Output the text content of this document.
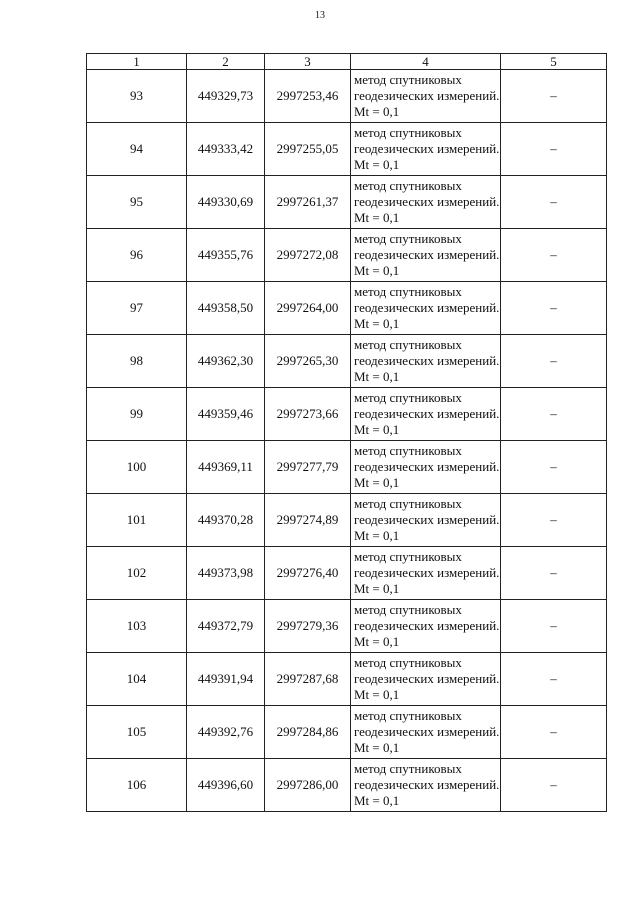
13
1	2	3	4	5
93	449329,73	2997253,46	метод спутниковых геодезических измерений. Mt = 0,1	–
94	449333,42	2997255,05	метод спутниковых геодезических измерений. Mt = 0,1	–
95	449330,69	2997261,37	метод спутниковых геодезических измерений. Mt = 0,1	–
96	449355,76	2997272,08	метод спутниковых геодезических измерений. Mt = 0,1	–
97	449358,50	2997264,00	метод спутниковых геодезических измерений. Mt = 0,1	–
98	449362,30	2997265,30	метод спутниковых геодезических измерений. Mt = 0,1	–
99	449359,46	2997273,66	метод спутниковых геодезических измерений. Mt = 0,1	–
100	449369,11	2997277,79	метод спутниковых геодезических измерений. Mt = 0,1	–
101	449370,28	2997274,89	метод спутниковых геодезических измерений. Mt = 0,1	–
102	449373,98	2997276,40	метод спутниковых геодезических измерений. Mt = 0,1	–
103	449372,79	2997279,36	метод спутниковых геодезических измерений. Mt = 0,1	–
104	449391,94	2997287,68	метод спутниковых геодезических измерений. Mt = 0,1	–
105	449392,76	2997284,86	метод спутниковых геодезических измерений. Mt = 0,1	–
106	449396,60	2997286,00	метод спутниковых геодезических измерений. Mt = 0,1	–
